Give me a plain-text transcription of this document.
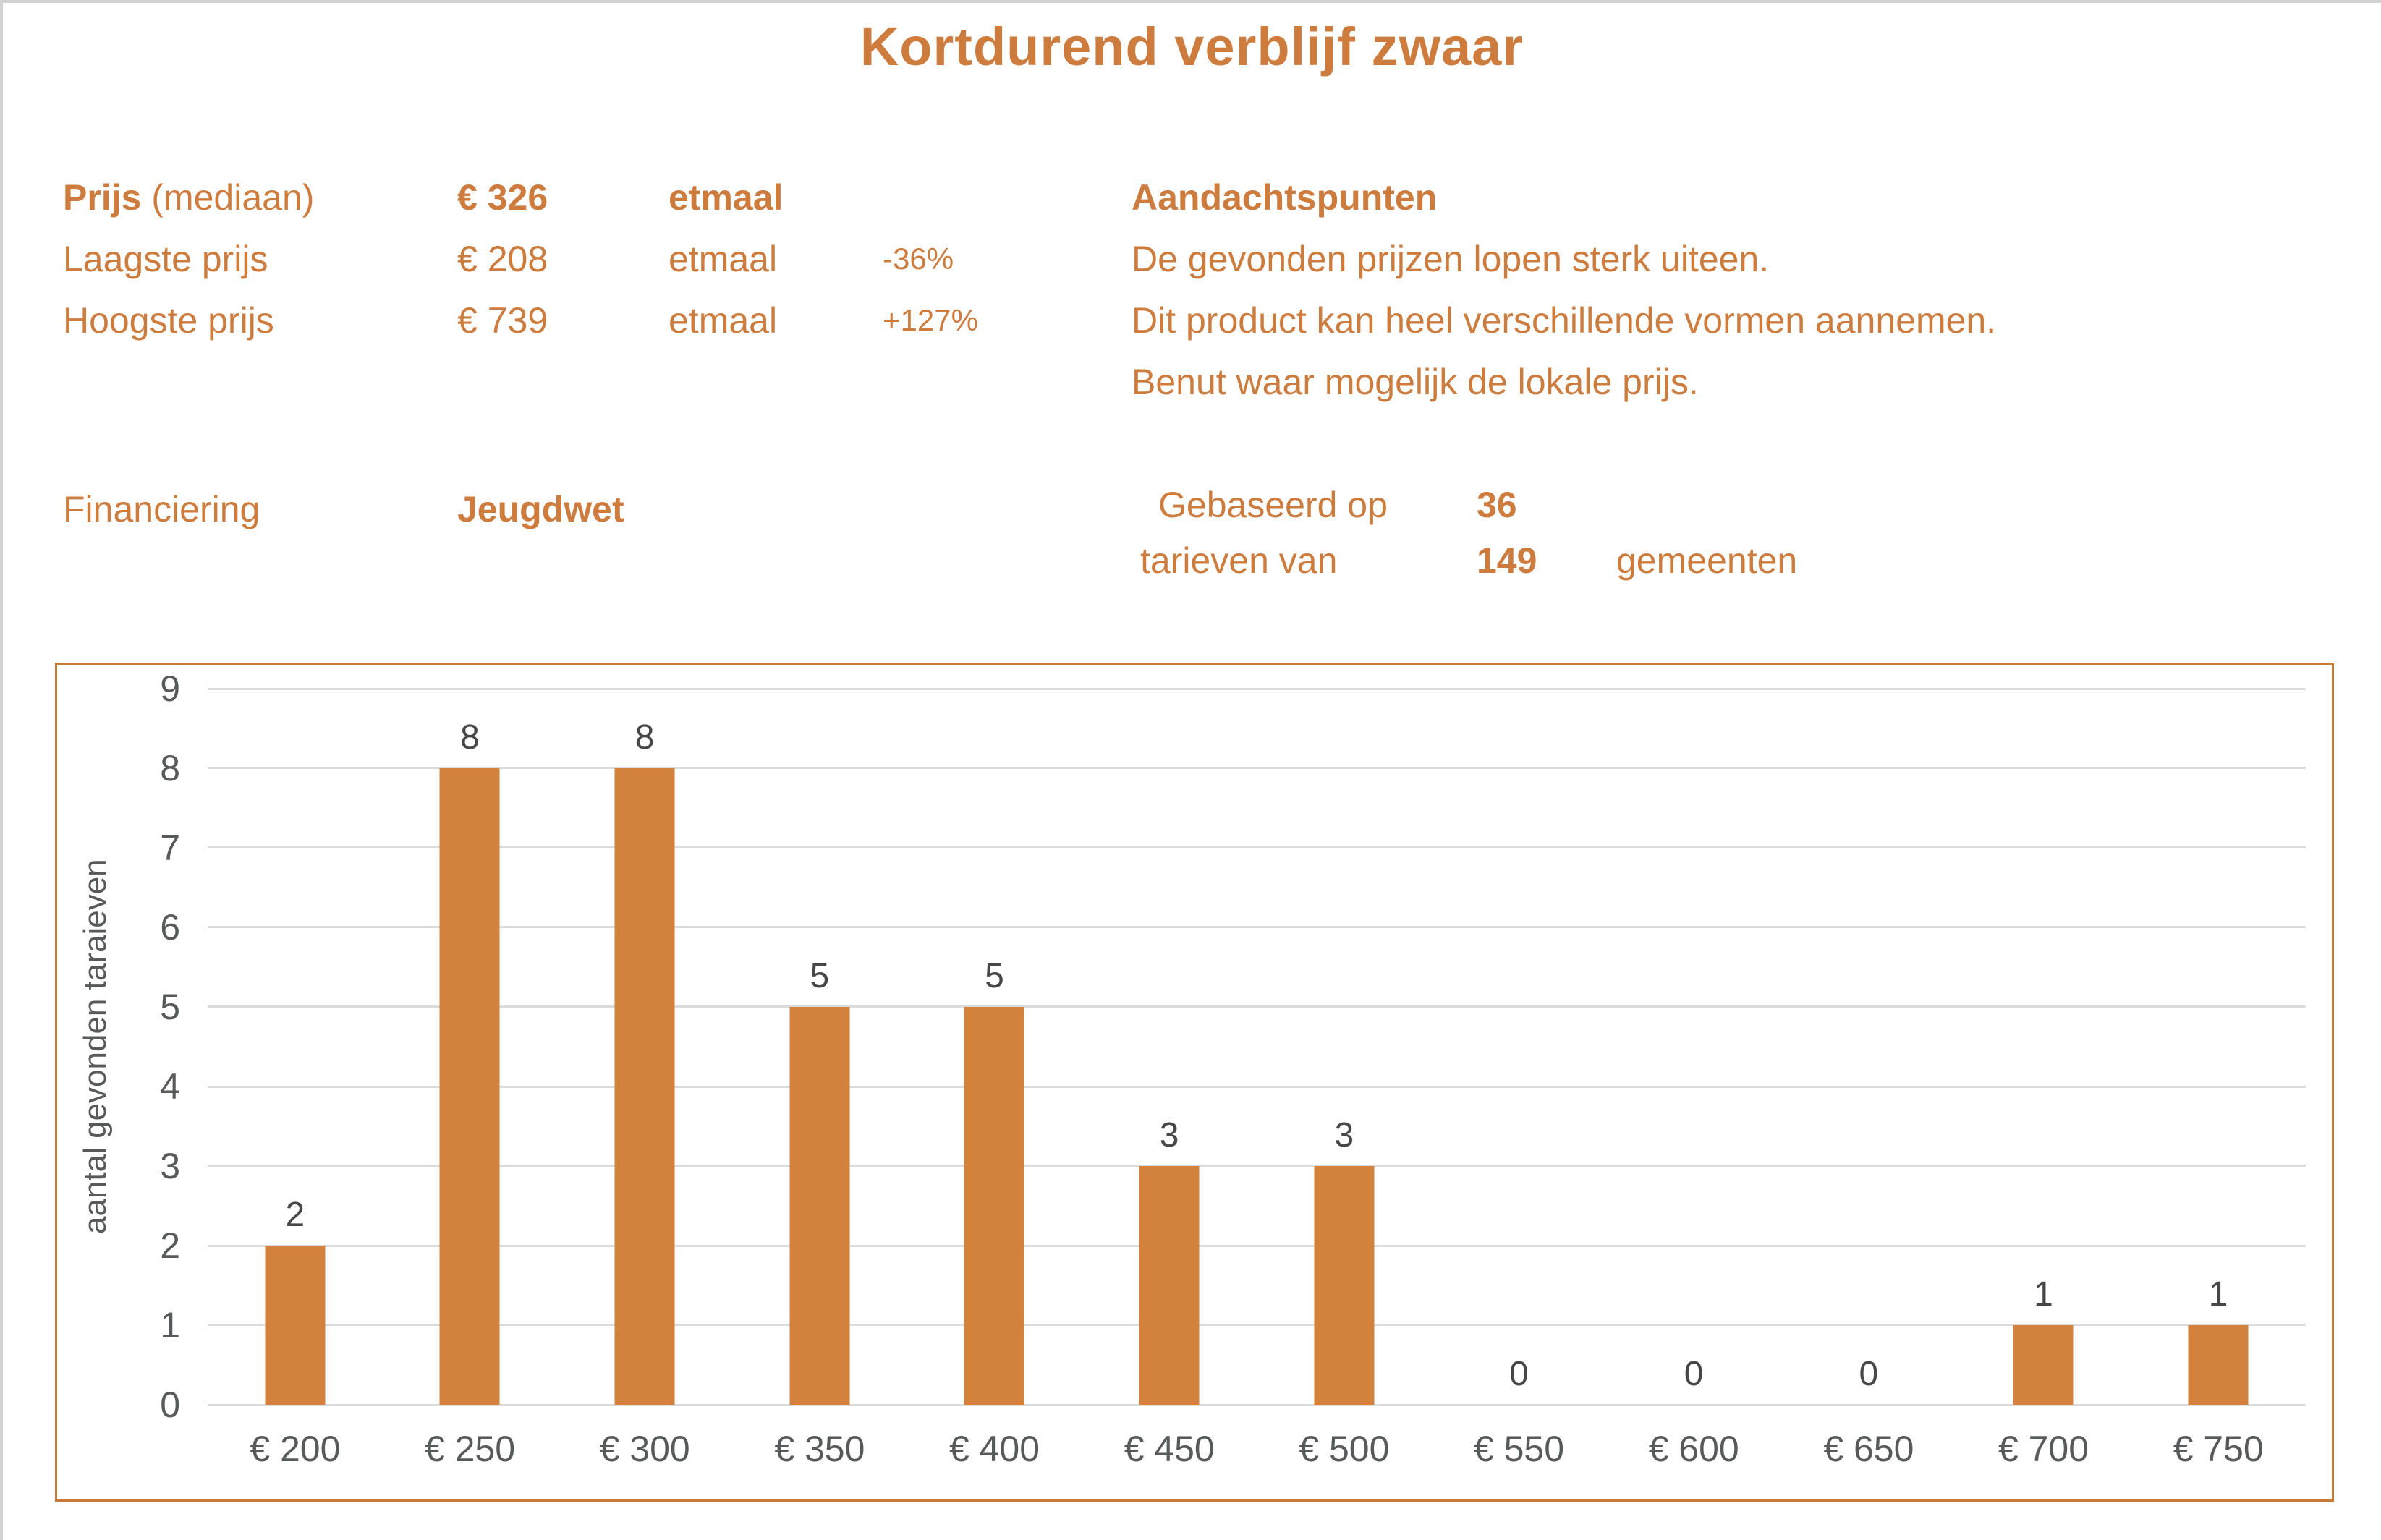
Kortdurend verblijf zwaar
Prijs (mediaan)	€ 326	etmaal
Laagste prijs	€ 208	etmaal	-36%
Hoogste prijs	€ 739	etmaal	+127%
Financiering	Jeugdwet
Aandachtspunten
De gevonden prijzen lopen sterk uiteen.
Dit product kan heel verschillende vormen aannemen.
Benut waar mogelijk de lokale prijs.
Gebaseerd op 36
tarieven van	149 gemeenten
aantal gevonden taraieven
0
1
2
3
4
5
6
7
8
9
2
€ 200
8
€ 250
8
€ 300
5
€ 350
5
€ 400
3
€ 450
3
€ 500
0
€ 550
0
€ 600
0
€ 650
1
€ 700
1
€ 750
